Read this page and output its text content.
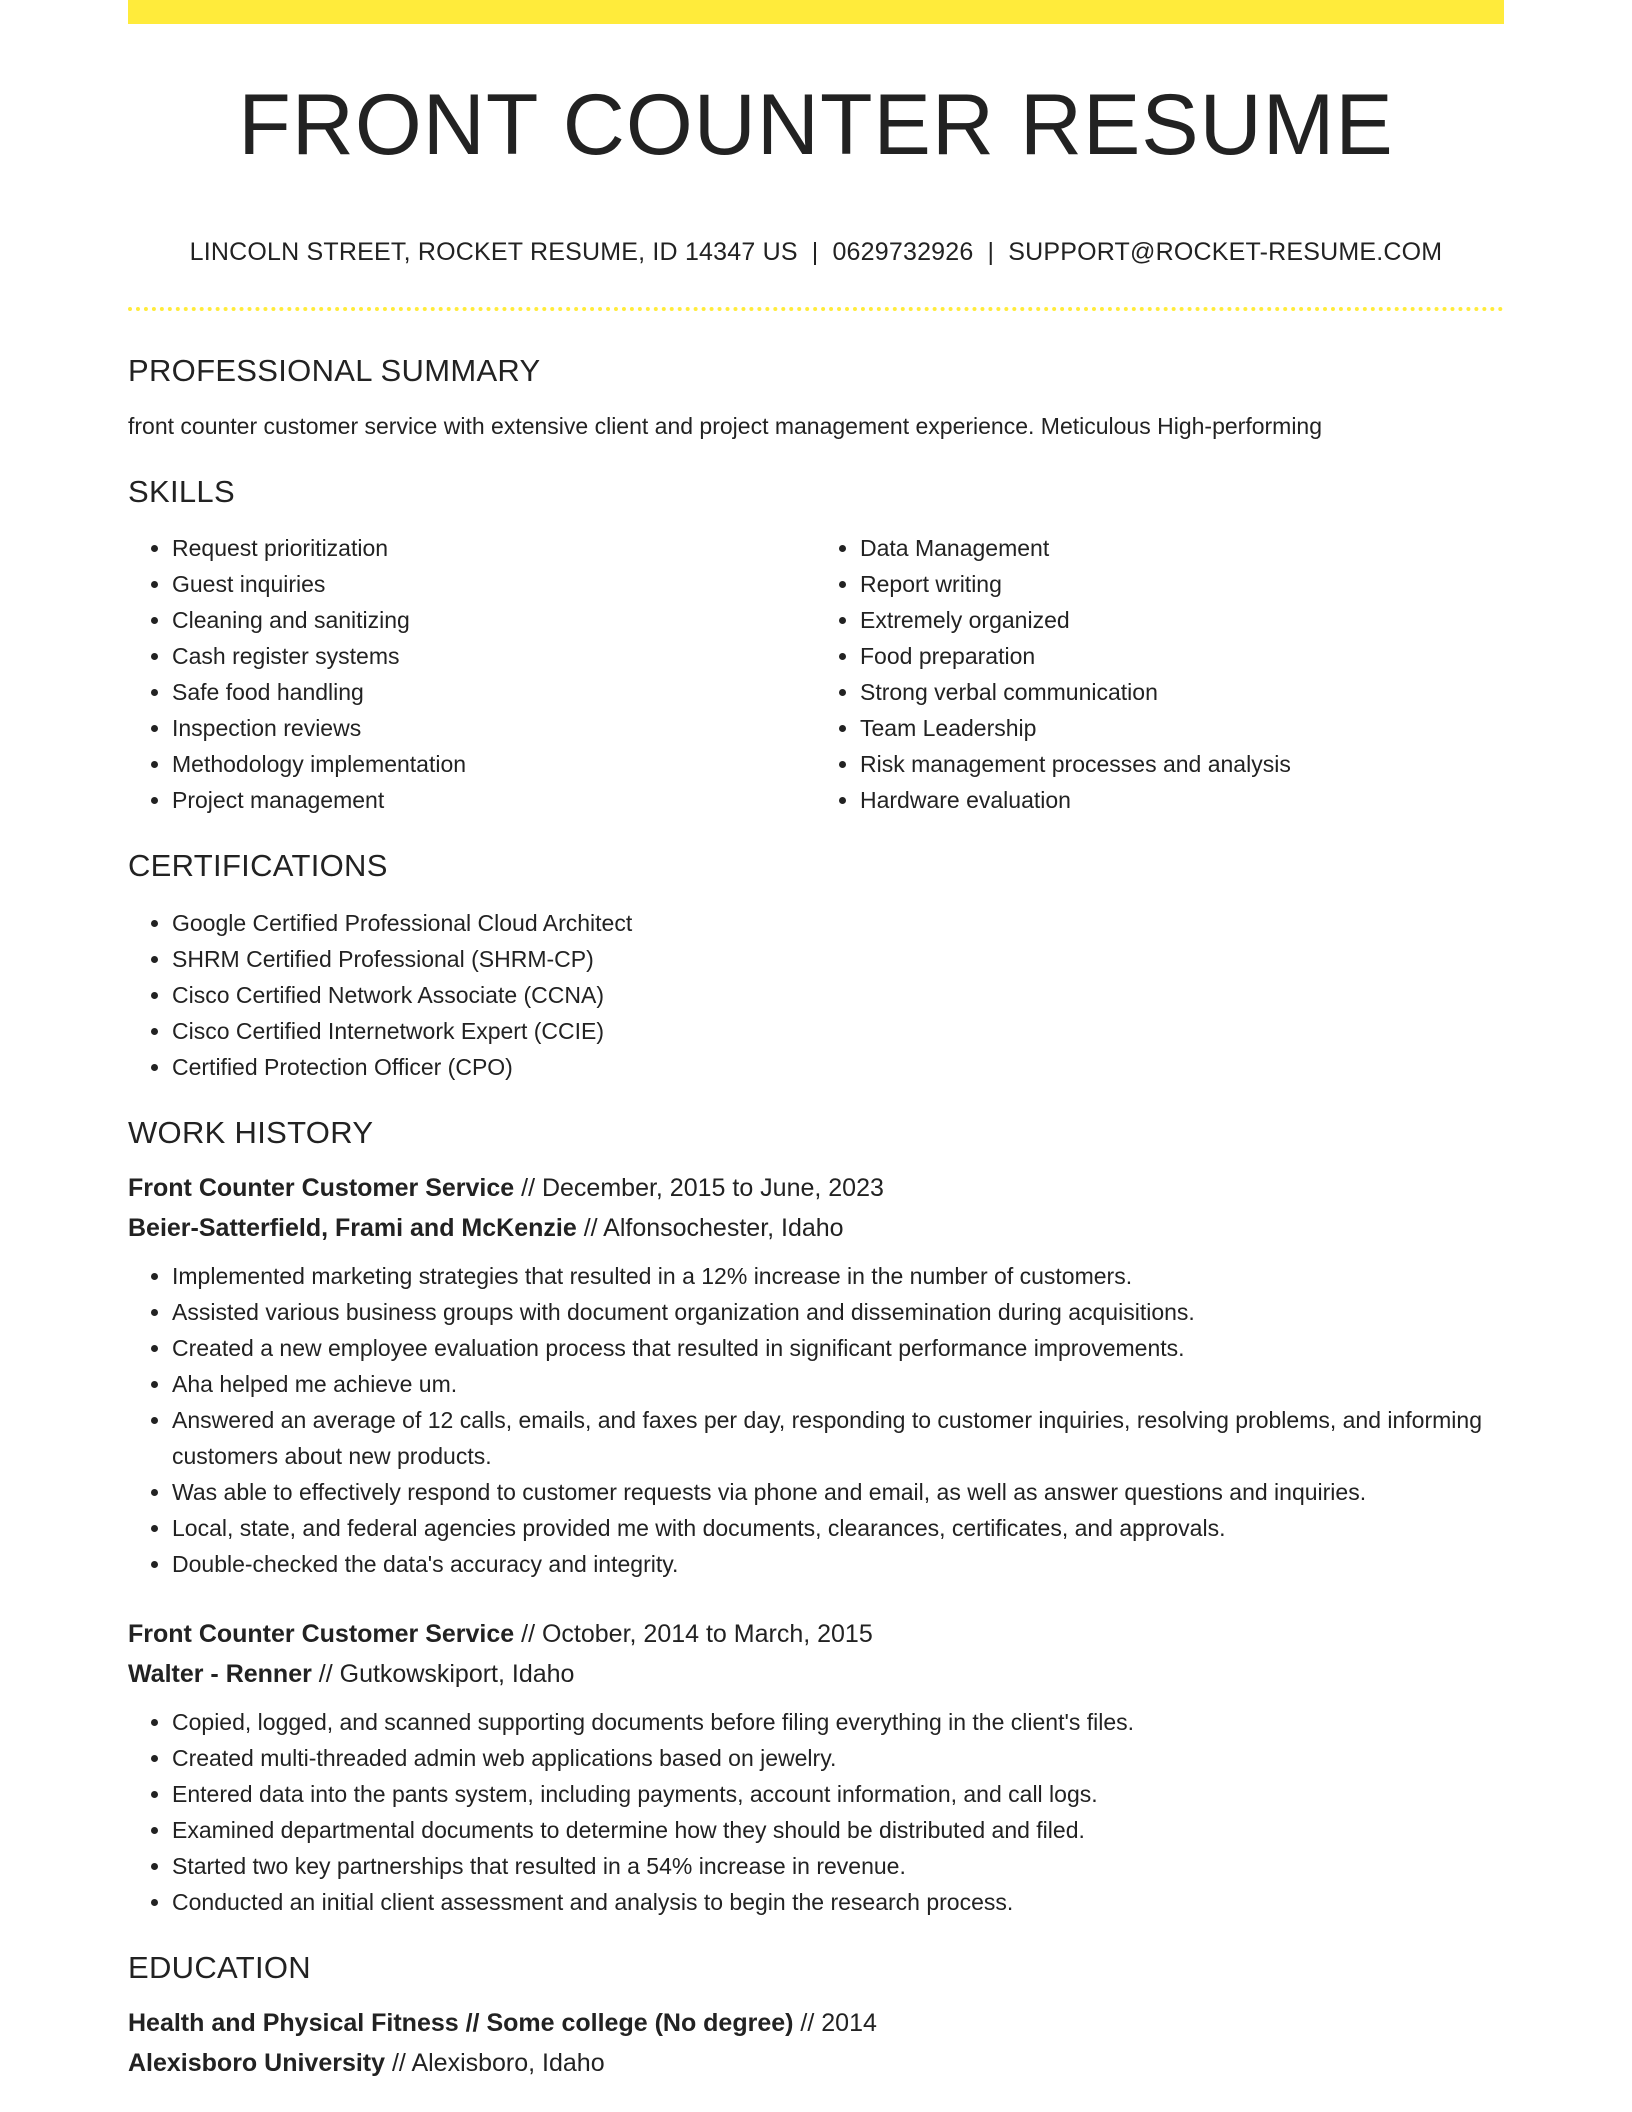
FRONT COUNTER RESUME
LINCOLN STREET, ROCKET RESUME, ID 14347 US | 0629732926 | SUPPORT@ROCKET-RESUME.COM
PROFESSIONAL SUMMARY

front counter customer service with extensive client and project management experience. Meticulous High-performing

SKILLS
• Request prioritization
• Guest inquiries
• Cleaning and sanitizing
• Cash register systems
• Safe food handling
• Inspection reviews
• Methodology implementation
• Project management
• Data Management
• Report writing
• Extremely organized
• Food preparation
• Strong verbal communication
• Team Leadership
• Risk management processes and analysis
• Hardware evaluation
CERTIFICATIONS
• Google Certified Professional Cloud Architect
• SHRM Certified Professional (SHRM-CP)
• Cisco Certified Network Associate (CCNA)
• Cisco Certified Internetwork Expert (CCIE)
• Certified Protection Officer (CPO)
WORK HISTORY

Front Counter Customer Service // December, 2015 to June, 2023

Beier-Satterfield, Frami and McKenzie // Alfonsochester, Idaho

• Implemented marketing strategies that resulted in a 12% increase in the number of customers.
• Assisted various business groups with document organization and dissemination during acquisitions.
• Created a new employee evaluation process that resulted in significant performance improvements.
• Aha helped me achieve um.
• Answered an average of 12 calls, emails, and faxes per day, responding to customer inquiries, resolving problems, and informing customers about new products.
• Was able to effectively respond to customer requests via phone and email, as well as answer questions and inquiries.
• Local, state, and federal agencies provided me with documents, clearances, certificates, and approvals.
• Double-checked the data's accuracy and integrity.

Front Counter Customer Service // October, 2014 to March, 2015

Walter - Renner // Gutkowskiport, Idaho

• Copied, logged, and scanned supporting documents before filing everything in the client's files.
• Created multi-threaded admin web applications based on jewelry.
• Entered data into the pants system, including payments, account information, and call logs.
• Examined departmental documents to determine how they should be distributed and filed.
• Started two key partnerships that resulted in a 54% increase in revenue.
• Conducted an initial client assessment and analysis to begin the research process.
EDUCATION

Health and Physical Fitness // Some college (No degree) // 2014

Alexisboro University // Alexisboro, Idaho
